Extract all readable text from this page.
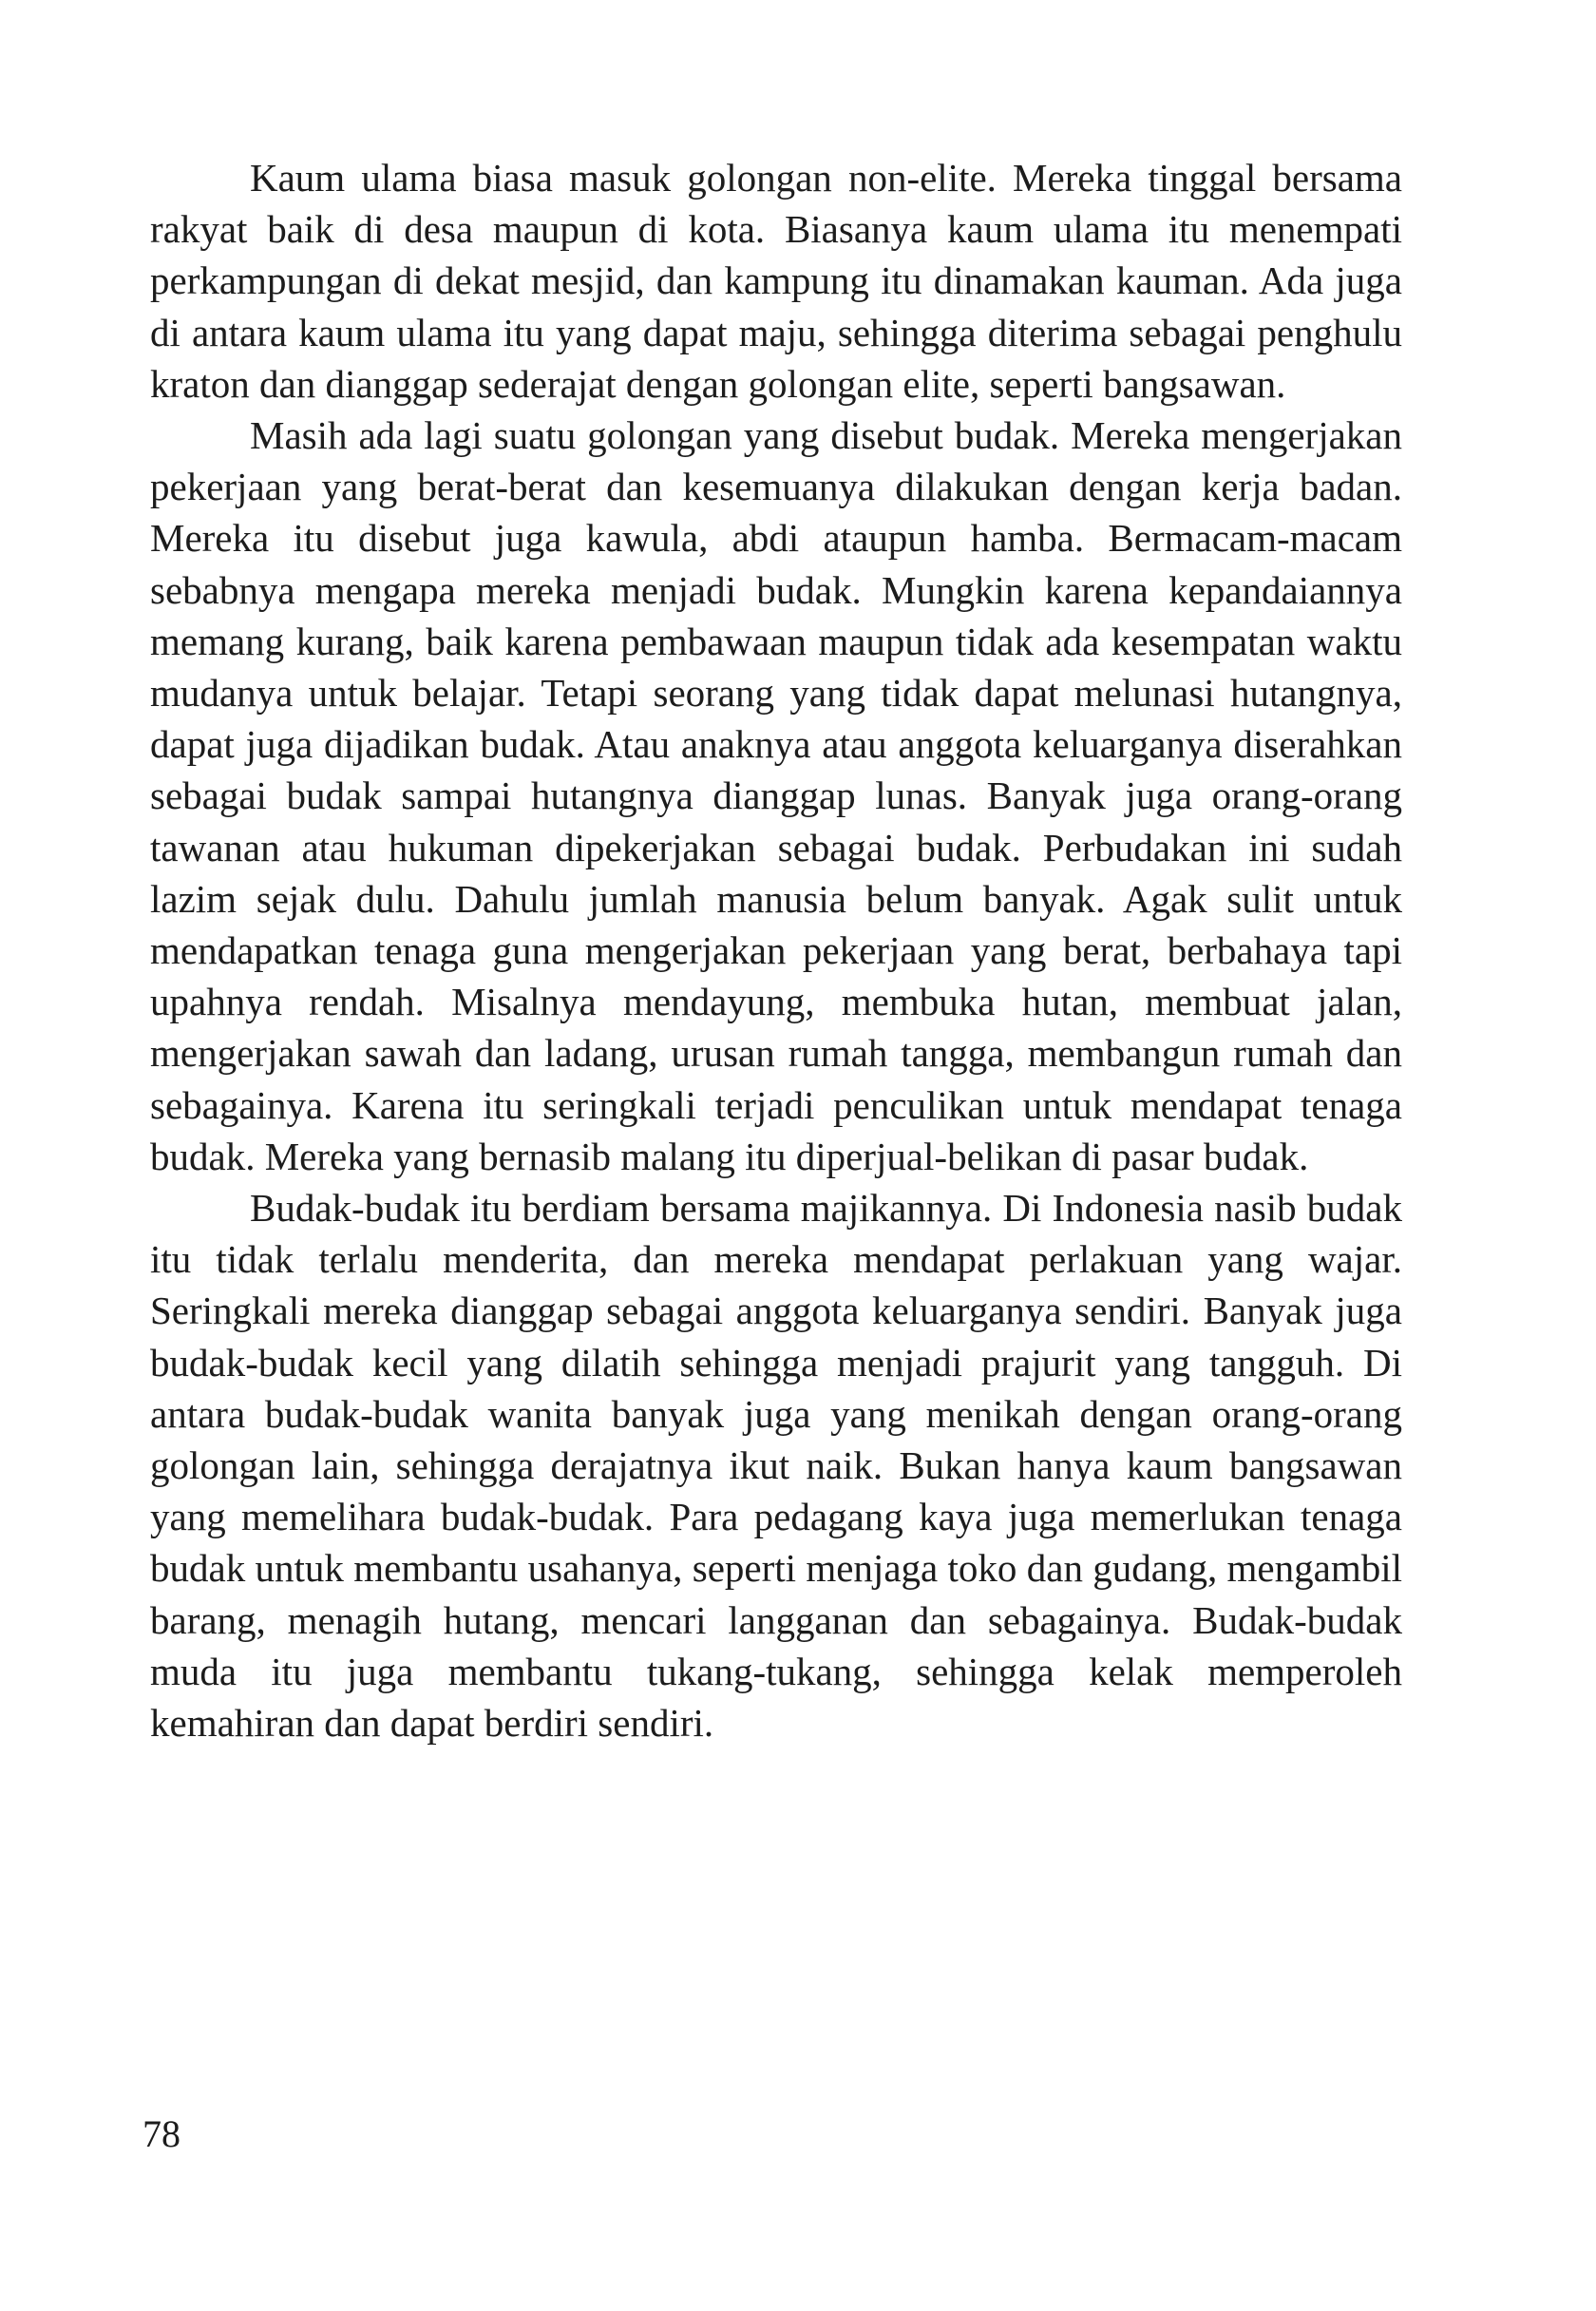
Kaum ulama biasa masuk golongan non-elite. Mereka tinggal bersama rakyat baik di desa maupun di kota. Biasanya kaum ulama itu menempati perkampungan di dekat mesjid, dan kampung itu dinamakan kauman. Ada juga di antara kaum ulama itu yang dapat maju, sehingga diterima sebagai penghulu kraton dan dianggap sederajat dengan golongan elite, seperti bangsawan.

Masih ada lagi suatu golongan yang disebut budak. Mereka mengerjakan pekerjaan yang berat-berat dan kesemuanya dilakukan dengan kerja badan. Mereka itu disebut juga kawula, abdi ataupun hamba. Bermacam-macam sebabnya mengapa mereka menjadi budak. Mungkin karena kepandaiannya memang kurang, baik karena pembawaan maupun tidak ada kesempatan waktu mudanya untuk belajar. Tetapi seorang yang tidak dapat melunasi hutangnya, dapat juga dijadikan budak. Atau anaknya atau anggota keluarganya diserahkan sebagai budak sampai hutangnya dianggap lunas. Banyak juga orang-orang tawanan atau hukuman dipekerjakan sebagai budak. Perbudakan ini sudah lazim sejak dulu. Dahulu jumlah manusia belum banyak. Agak sulit untuk mendapatkan tenaga guna mengerjakan pekerjaan yang berat, berbahaya tapi upahnya rendah. Misalnya mendayung, membuka hutan, membuat jalan, mengerjakan sawah dan ladang, urusan rumah tangga, membangun rumah dan sebagainya. Karena itu seringkali terjadi penculikan untuk mendapat tenaga budak. Mereka yang bernasib malang itu diperjual-belikan di pasar budak.

Budak-budak itu berdiam bersama majikannya. Di Indonesia nasib budak itu tidak terlalu menderita, dan mereka mendapat perlakuan yang wajar. Seringkali mereka dianggap sebagai anggota keluarganya sendiri. Banyak juga budak-budak kecil yang dilatih sehingga menjadi prajurit yang tangguh. Di antara budak-budak wanita banyak juga yang menikah dengan orang-orang golongan lain, sehingga derajatnya ikut naik. Bukan hanya kaum bangsawan yang memelihara budak-budak. Para pedagang kaya juga memerlukan tenaga budak untuk membantu usahanya, seperti menjaga toko dan gudang, mengambil barang, menagih hutang, mencari langganan dan sebagainya. Budak-budak muda itu juga membantu tukang-tukang, sehingga kelak memperoleh kemahiran dan dapat berdiri sendiri.

78
